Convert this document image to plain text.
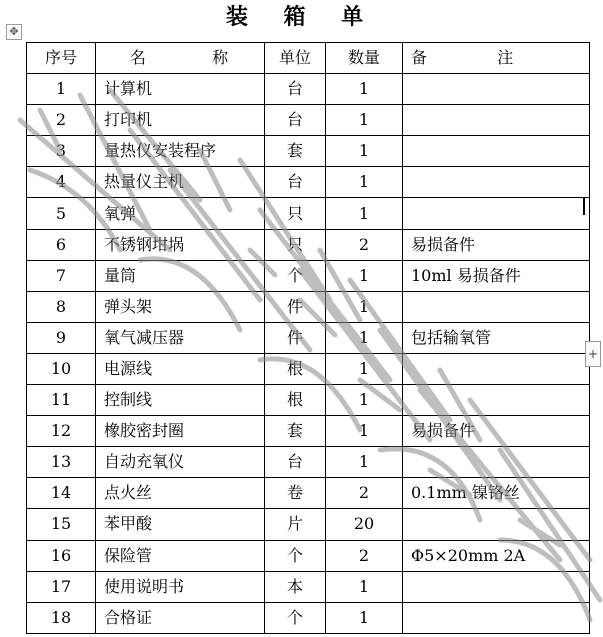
装 箱 单
✥
序号	名 称	单位	数量	备 注
1	计算机	台	1	
2	打印机	台	1	
3	量热仪安装程序	套	1	
4	热量仪主机	台	1	
5	氧弹	只	1	
6	不锈钢坩埚	只	2	易损备件
7	量筒	个	1	10ml 易损备件
8	弹头架	件	1	
9	氧气减压器	件	1	包括输氧管
10	电源线	根	1	
11	控制线	根	1	
12	橡胶密封圈	套	1	易损备件
13	自动充氧仪	台	1	
14	点火丝	卷	2	0.1mm 镍铬丝
15	苯甲酸	片	20	
16	保险管	个	2	Φ5×20mm 2A
17	使用说明书	本	1	
18	合格证	个	1	
+
